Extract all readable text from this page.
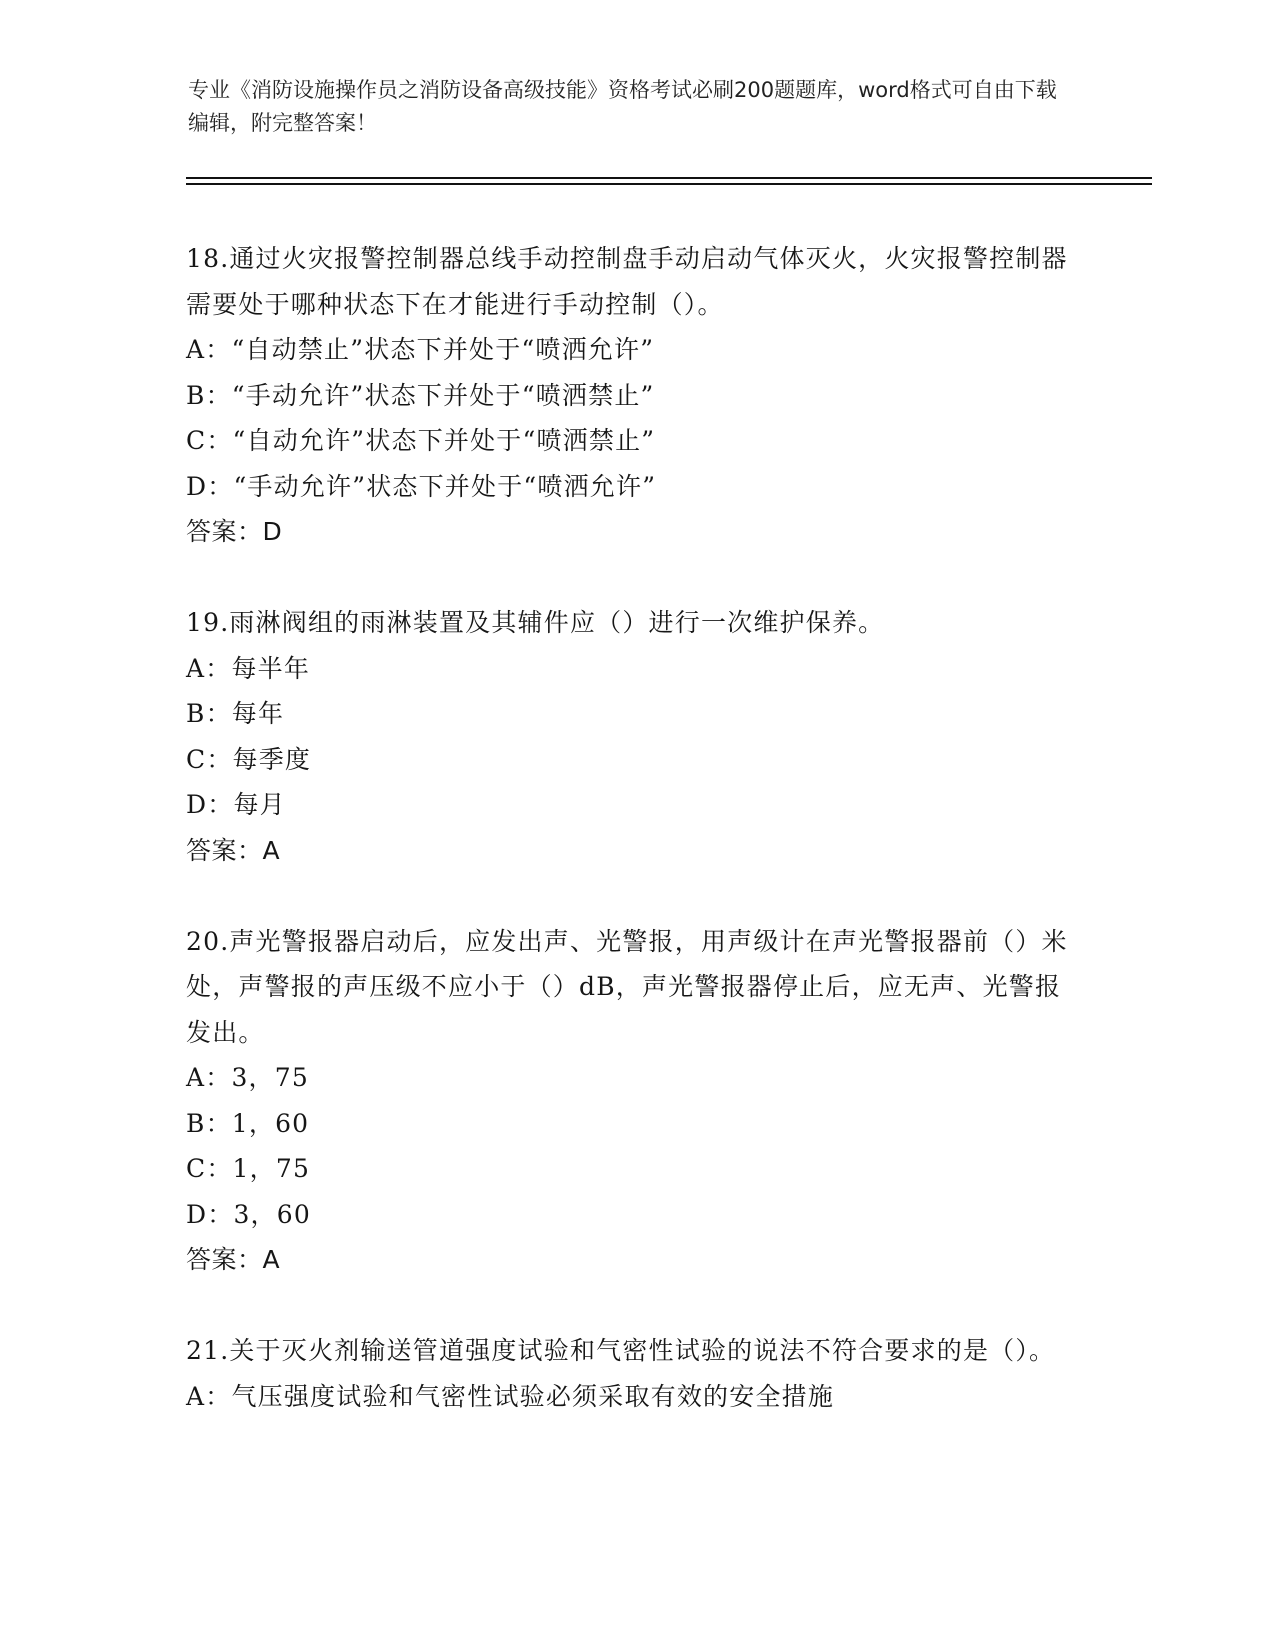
专业《消防设施操作员之消防设备高级技能》资格考试必刷200题题库，word格式可自由下载编辑，附完整答案！

18.通过火灾报警控制器总线手动控制盘手动启动气体灭火，火灾报警控制器需要处于哪种状态下在才能进行手动控制（）。

A：“自动禁止”状态下并处于“喷洒允许”

B：“手动允许”状态下并处于“喷洒禁止”

C：“自动允许”状态下并处于“喷洒禁止”

D：“手动允许”状态下并处于“喷洒允许”

答案：D

19.雨淋阀组的雨淋装置及其辅件应（）进行一次维护保养。

A：每半年

B：每年

C：每季度

D：每月

答案：A

20.声光警报器启动后，应发出声、光警报，用声级计在声光警报器前（）米处，声警报的声压级不应小于（）dB，声光警报器停止后，应无声、光警报发出。

A：3，75

B：1，60

C：1，75

D：3，60

答案：A

21.关于灭火剂输送管道强度试验和气密性试验的说法不符合要求的是（）。

A：气压强度试验和气密性试验必须采取有效的安全措施
